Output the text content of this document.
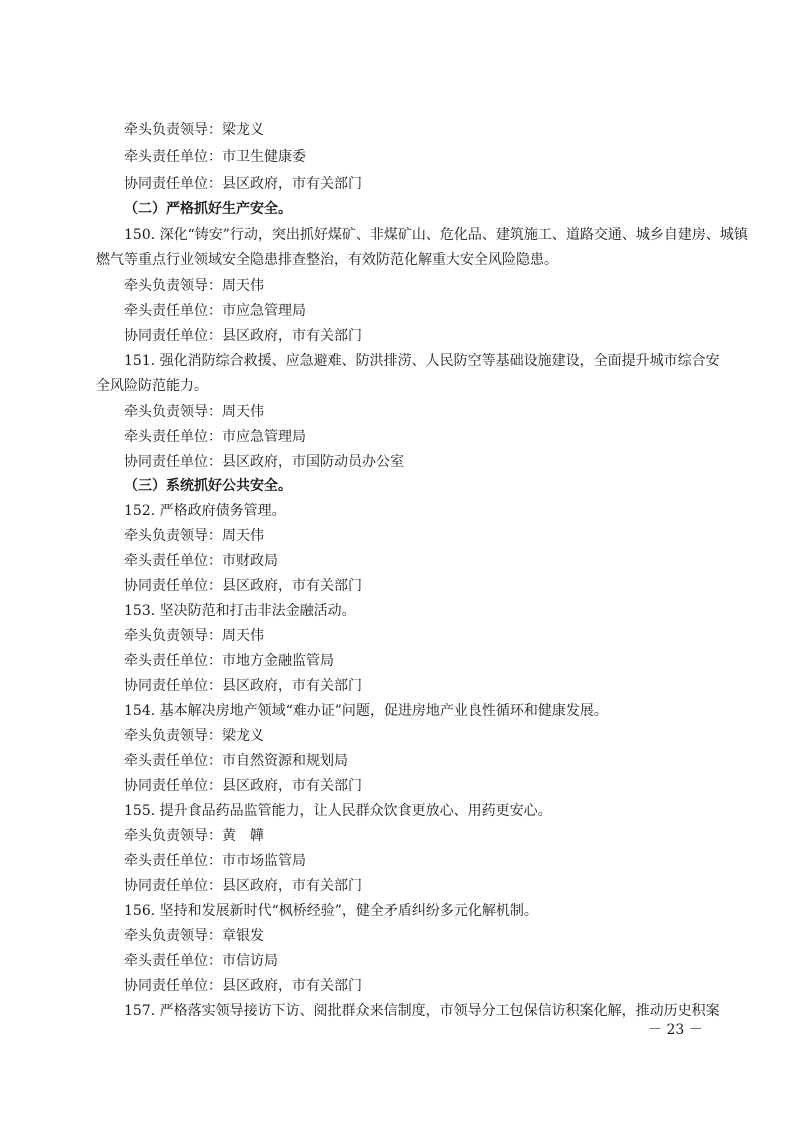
牵头负责领导：梁龙义
牵头责任单位：市卫生健康委
协同责任单位：县区政府，市有关部门
（二）严格抓好生产安全。
150. 深化“铸安”行动，突出抓好煤矿、非煤矿山、危化品、建筑施工、道路交通、城乡自建房、城镇
燃气等重点行业领域安全隐患排查整治，有效防范化解重大安全风险隐患。
牵头负责领导：周天伟
牵头责任单位：市应急管理局
协同责任单位：县区政府，市有关部门
151. 强化消防综合救援、应急避难、防洪排涝、人民防空等基础设施建设，全面提升城市综合安
全风险防范能力。
牵头负责领导：周天伟
牵头责任单位：市应急管理局
协同责任单位：县区政府，市国防动员办公室
（三）系统抓好公共安全。
152. 严格政府债务管理。
牵头负责领导：周天伟
牵头责任单位：市财政局
协同责任单位：县区政府，市有关部门
153. 坚决防范和打击非法金融活动。
牵头负责领导：周天伟
牵头责任单位：市地方金融监管局
协同责任单位：县区政府，市有关部门
154. 基本解决房地产领域“难办证”问题，促进房地产业良性循环和健康发展。
牵头负责领导：梁龙义
牵头责任单位：市自然资源和规划局
协同责任单位：县区政府，市有关部门
155. 提升食品药品监管能力，让人民群众饮食更放心、用药更安心。
牵头负责领导：黄　韡
牵头责任单位：市市场监管局
协同责任单位：县区政府，市有关部门
156. 坚持和发展新时代“枫桥经验”，健全矛盾纠纷多元化解机制。
牵头负责领导：章银发
牵头责任单位：市信访局
协同责任单位：县区政府，市有关部门
157. 严格落实领导接访下访、阅批群众来信制度，市领导分工包保信访积案化解，推动历史积案
－ 23 －
